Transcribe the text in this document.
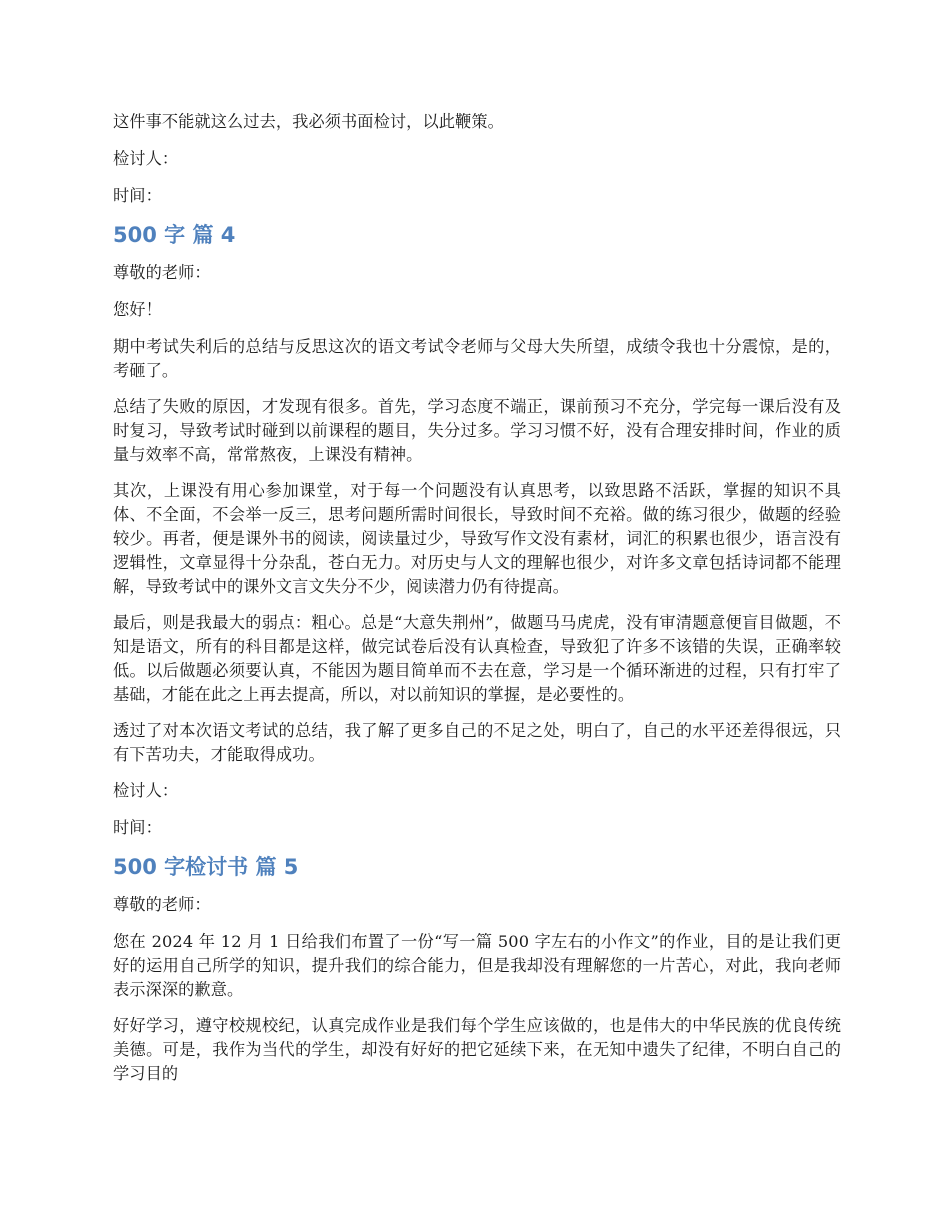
这件事不能就这么过去，我必须书面检讨，以此鞭策。

检讨人：

时间：

500 字 篇 4

尊敬的老师：

您好！

期中考试失利后的总结与反思这次的语文考试令老师与父母大失所望，成绩令我也十分震惊，是的，考砸了。

总结了失败的原因，才发现有很多。首先，学习态度不端正，课前预习不充分，学完每一课后没有及时复习，导致考试时碰到以前课程的题目，失分过多。学习习惯不好，没有合理安排时间，作业的质量与效率不高，常常熬夜，上课没有精神。

其次，上课没有用心参加课堂，对于每一个问题没有认真思考，以致思路不活跃，掌握的知识不具体、不全面，不会举一反三，思考问题所需时间很长，导致时间不充裕。做的练习很少，做题的经验较少。再者，便是课外书的阅读，阅读量过少，导致写作文没有素材，词汇的积累也很少，语言没有逻辑性，文章显得十分杂乱，苍白无力。对历史与人文的理解也很少，对许多文章包括诗词都不能理解，导致考试中的课外文言文失分不少，阅读潜力仍有待提高。

最后，则是我最大的弱点：粗心。总是“大意失荆州”，做题马马虎虎，没有审清题意便盲目做题，不知是语文，所有的科目都是这样，做完试卷后没有认真检查，导致犯了许多不该错的失误，正确率较低。以后做题必须要认真，不能因为题目简单而不去在意，学习是一个循环渐进的过程，只有打牢了基础，才能在此之上再去提高，所以，对以前知识的掌握，是必要性的。

透过了对本次语文考试的总结，我了解了更多自己的不足之处，明白了，自己的水平还差得很远，只有下苦功夫，才能取得成功。

检讨人：

时间：

500 字检讨书 篇 5

尊敬的老师：

您在 2024 年 12 月 1 日给我们布置了一份“写一篇 500 字左右的小作文”的作业，目的是让我们更好的运用自己所学的知识，提升我们的综合能力，但是我却没有理解您的一片苦心，对此，我向老师表示深深的歉意。

好好学习，遵守校规校纪，认真完成作业是我们每个学生应该做的，也是伟大的中华民族的优良传统美德。可是，我作为当代的学生，却没有好好的把它延续下来，在无知中遗失了纪律，不明白自己的学习目的
